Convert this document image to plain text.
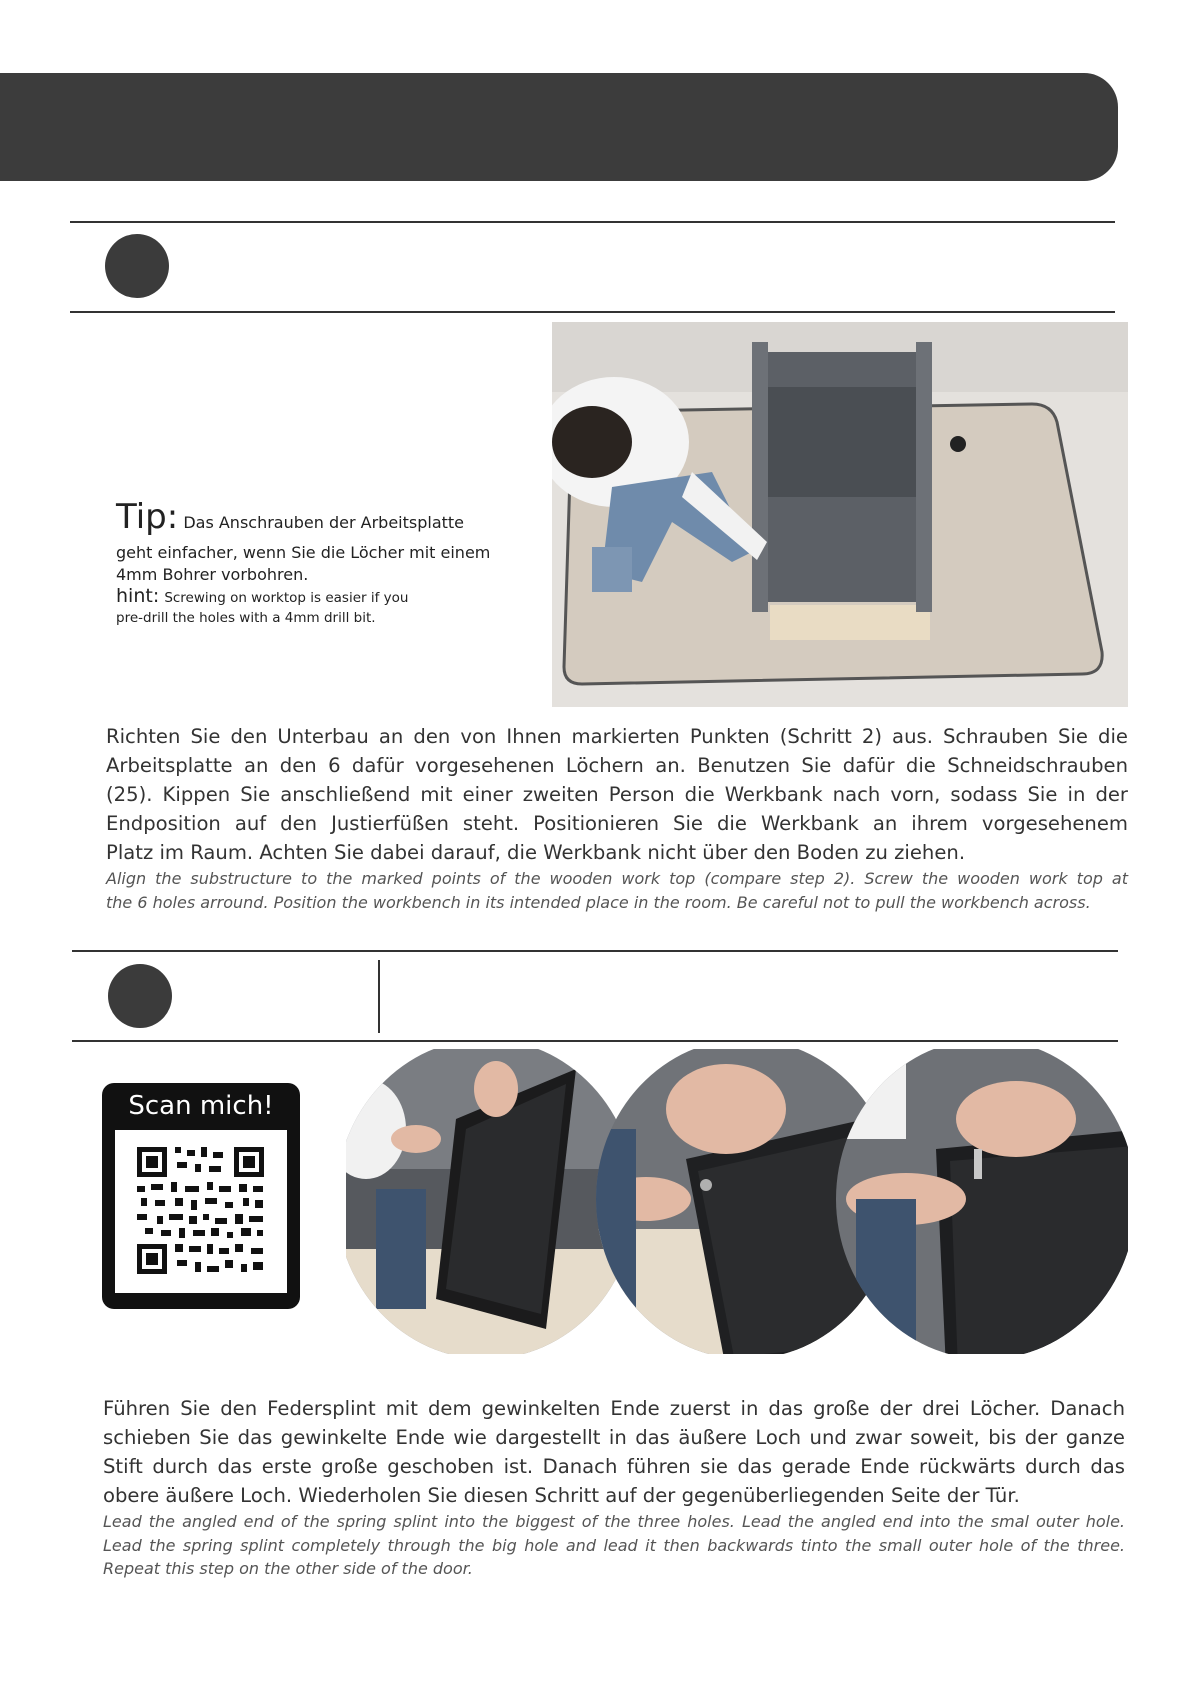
Tip: Das Anschrauben der Arbeitsplatte
geht einfacher, wenn Sie die Löcher mit einem
4mm Bohrer vorbohren.
hint: Screwing on worktop is easier if you
pre-drill the holes with a 4mm drill bit.
Richten Sie den Unterbau an den von Ihnen markierten Punkten (Schritt 2) aus. Schrauben Sie die
Arbeitsplatte an den 6 dafür vorgesehenen Löchern an. Benutzen Sie dafür die Schneidschrauben
(25). Kippen Sie anschließend mit einer zweiten Person die Werkbank nach vorn, sodass Sie in der
Endposition auf den Justierfüßen steht. Positionieren Sie die Werkbank an ihrem vorgesehenem
Platz im Raum. Achten Sie dabei darauf, die Werkbank nicht über den Boden zu ziehen.
Align the substructure to the marked points of the wooden work top (compare step 2). Screw the wooden work top at
the 6 holes arround. Position the workbench in its intended place in the room. Be careful not to pull the workbench across.
Scan mich!
Führen Sie den Federsplint mit dem gewinkelten Ende zuerst in das große der drei Löcher. Danach
schieben Sie das gewinkelte Ende wie dargestellt in das äußere Loch und zwar soweit, bis der ganze
Stift durch das erste große geschoben ist. Danach führen sie das gerade Ende rückwärts durch das
obere äußere Loch. Wiederholen Sie diesen Schritt auf der gegenüberliegenden Seite der Tür.
Lead the angled end of the spring splint into the biggest of the three holes. Lead the angled end into the smal outer hole.
Lead the spring splint completely through the big hole and lead it then backwards tinto the small outer hole of the three.
Repeat this step on the other side of the door.
